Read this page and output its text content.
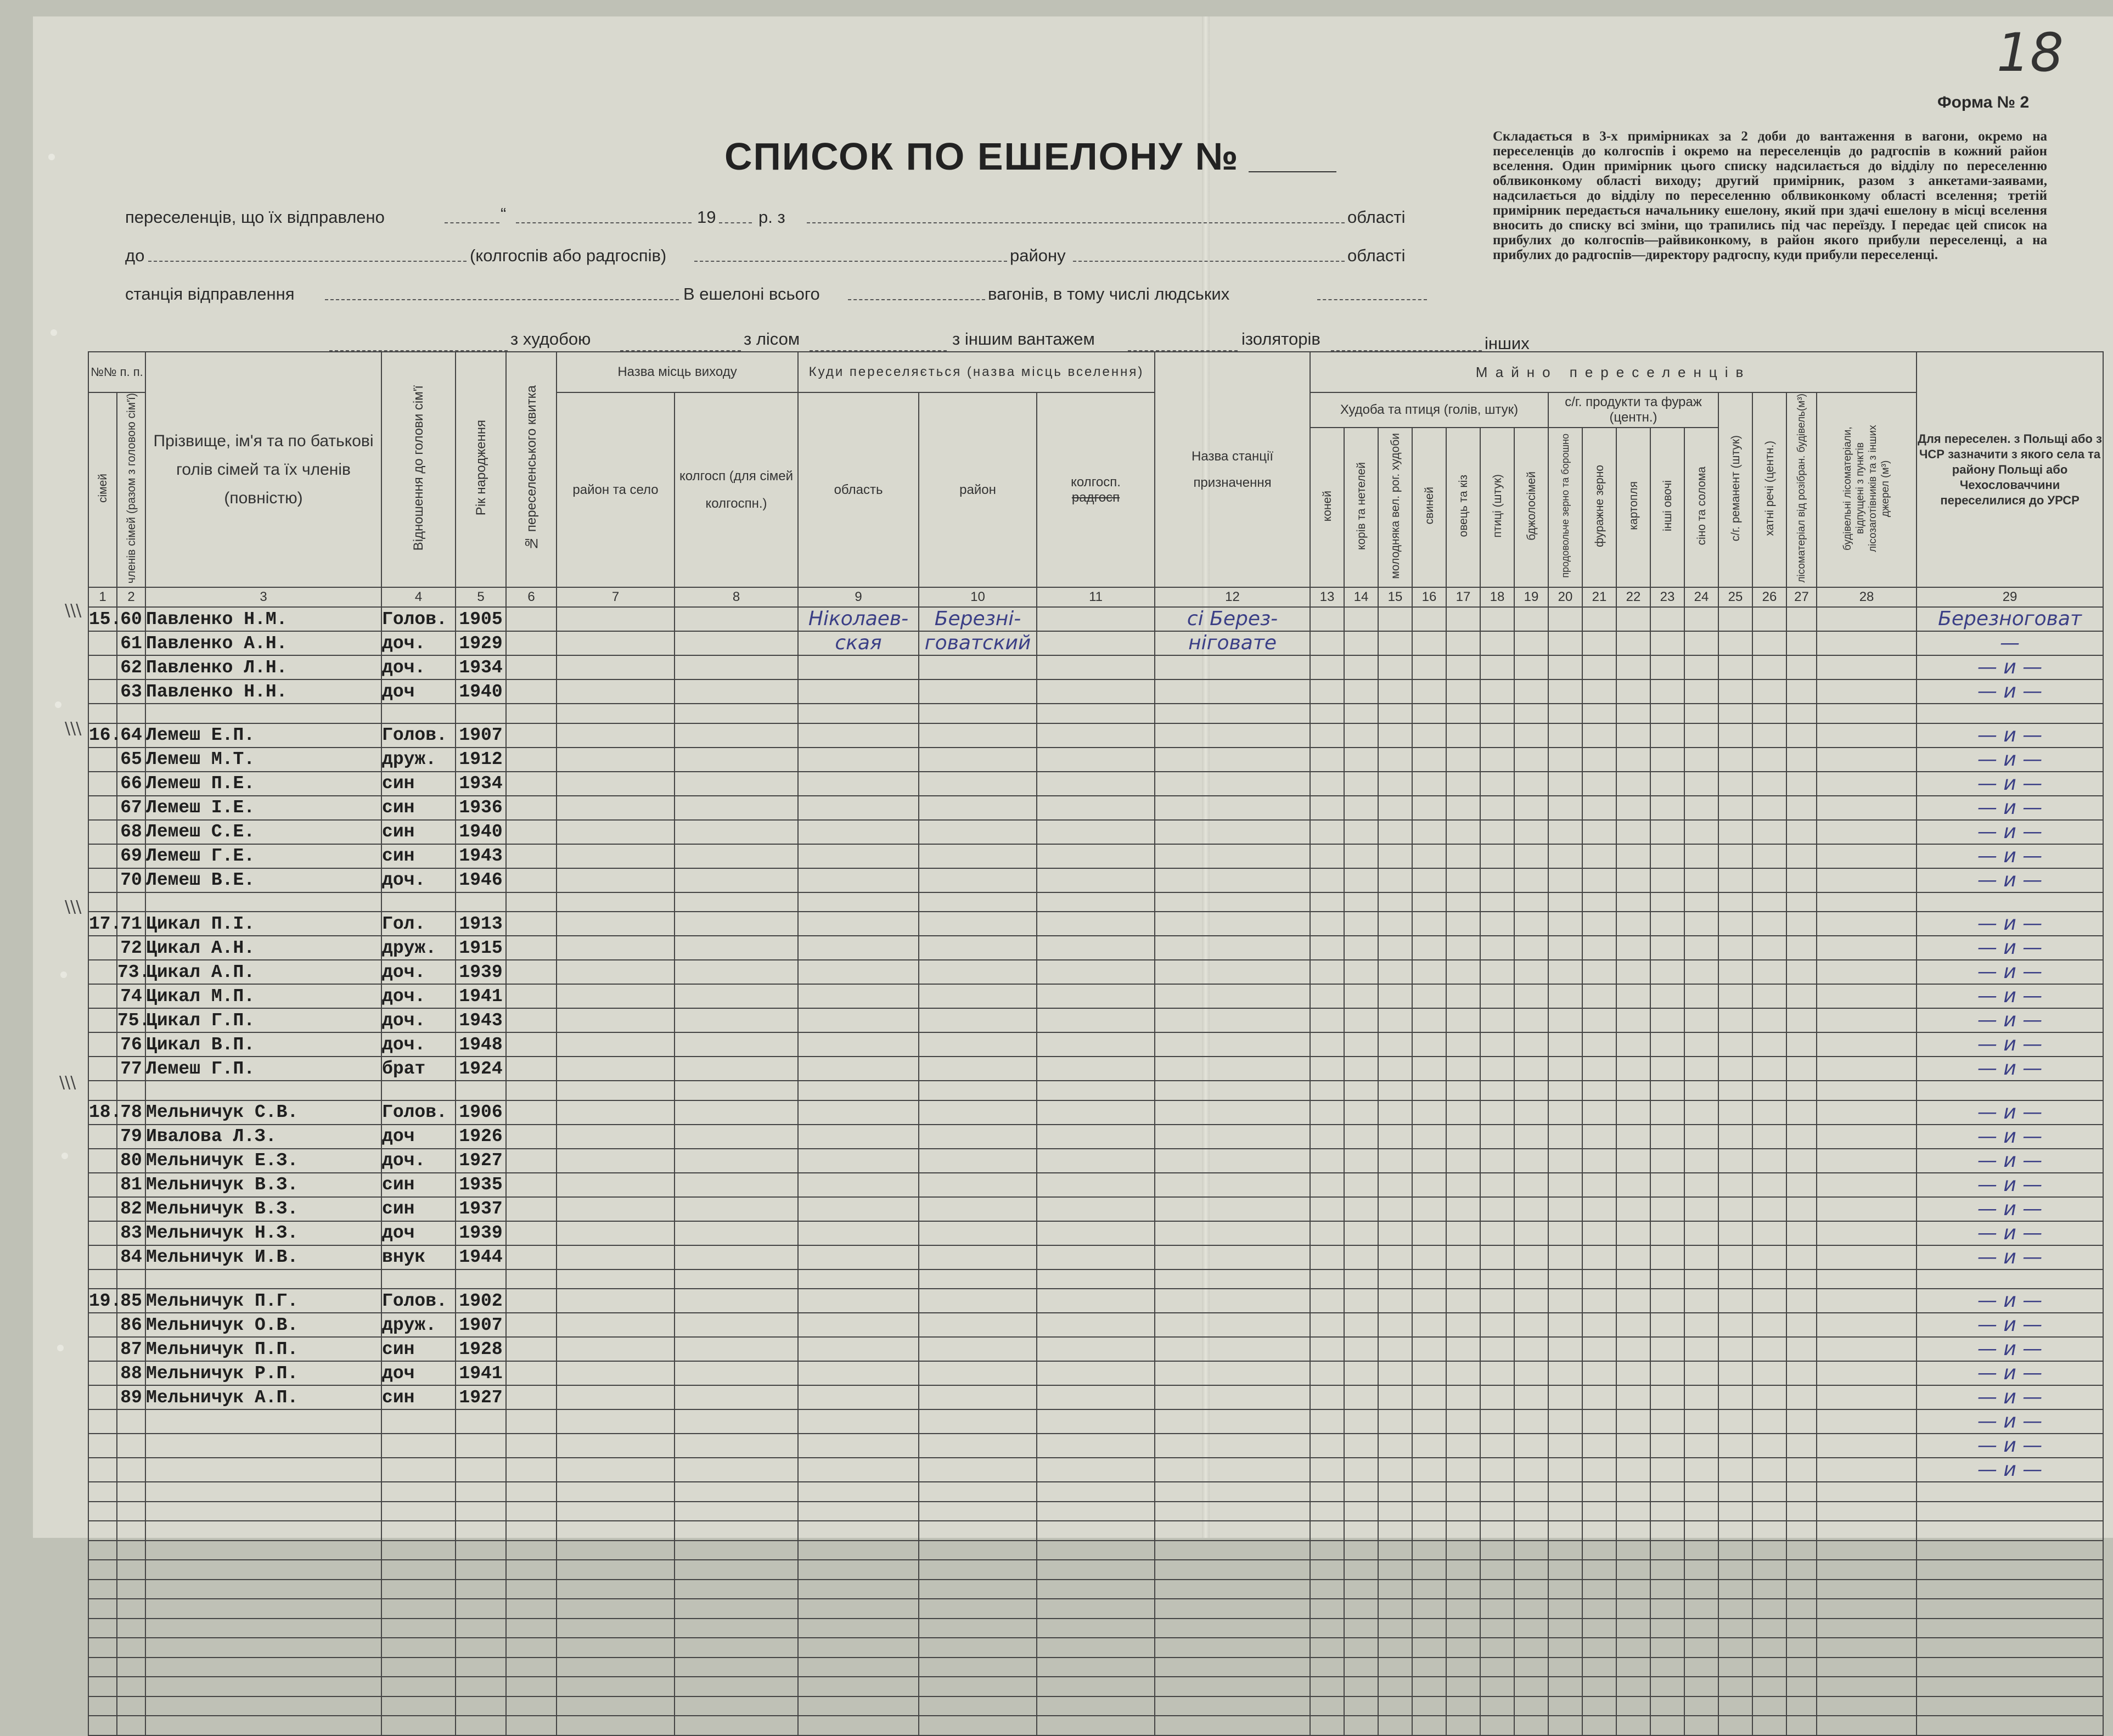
18
Форма № 2
СПИСОК ПО ЕШЕЛОНУ №	Складається в 3-х примірниках за 2 доби до вантаження в вагони, окремо на переселенців до колгоспів і окремо на переселенців до радгоспів в кожний район вселення. Один примірник цього списку надсилається до відділу по переселенню облвиконкому області виходу; другий примірник, разом з анкетами-заявами, надсилається до відділу по переселенню облвиконкому області вселення; третій примірник передається начальнику ешелону, який при здачі ешелону в місці вселення вносить до списку всі зміни, що трапились під час переїзду. І передає цей список на прибулих до колгоспів—райвиконкому, в район якого прибули переселенці, а на прибулих до радгоспів—директору радгоспу, куди прибули переселенці.
переселенців, що їх відправлено	“	19	р. з	області
до	(колгоспів або радгоспів)	району	області
станція відправлення	В ешелоні всього	вагонів, в тому числі людських
з худобою	з лісом	з іншим вантажем	ізоляторів	інших
№№ п. п.		Прізвище, ім'я та по батькові голів сімей та їх членів (повністю)	Відношення до голови сім'ї	Рік народження	№ переселенського квитка	Назва місць виходу		Куди переселяється (назва місць вселення)			Назва станції призначення	Майно переселенців																Для переселен. з Польщі або з ЧСР зазначити з якого села та району Польщі або Чехословаччини переселилися до УРСР
сімей	членів сімей (разом з головою сім'ї)					район та село	колгосп (для сімей колгоспн.)	область	район	колгосп.
радгосп		Худоба та птиця (голів, штук)							с/г. продукти та фураж (центн.)					с/г. реманент (штук)	хатні речі (центн.)	лісоматеріал від розібран. будівель(м³)	будівельні лісоматеріали, відпущені з пунктів лісозаготівників та з інших джерел (м³)	
												коней	корів та нетелей	молодняка вел. рог. худоби	свиней	овець та кіз	птиці (штук)	бджолосімей	продовольче зерно та борошно	фуражне зерно	картопля	інші овочі	сіно та солома					
1	2	3	4	5	6	7	8	9	10	11	12	13	14	15	16	17	18	19	20	21	22	23	24	25	26	27	28	29
15.	60	Павленко Н.М.	Голов.	1905				Ніколаев-	Березні-		сі Берез-																	Березноговат
	61	Павленко А.Н.	доч.	1929				ская	говатский		ніговате																	—
	62	Павленко Л.Н.	доч.	1934																								— и —
	63	Павленко Н.Н.	доч	1940																								— и —

16.	64	Лемеш Е.П.	Голов.	1907																								— и —
	65	Лемеш М.Т.	друж.	1912																								— и —
	66	Лемеш П.Е.	син	1934																								— и —
	67	Лемеш І.Е.	син	1936																								— и —
	68	Лемеш С.Е.	син	1940																								— и —
	69	Лемеш Г.Е.	син	1943																								— и —
	70	Лемеш В.Е.	доч.	1946																								— и —

17.	71	Цикал П.І.	Гол.	1913																								— и —
	72	Цикал А.Н.	друж.	1915																								— и —
	73.	Цикал А.П.	доч.	1939																								— и —
	74	Цикал М.П.	доч.	1941																								— и —
	75.	Цикал Г.П.	доч.	1943																								— и —
	76	Цикал В.П.	доч.	1948																								— и —
	77	Лемеш Г.П.	брат	1924																								— и —

18.	78	Мельничук С.В.	Голов.	1906																								— и —
	79	Ивалова Л.З.	доч	1926																								— и —
	80	Мельничук Е.З.	доч.	1927																								— и —
	81	Мельничук В.З.	син	1935																								— и —
	82	Мельничук В.З.	син	1937																								— и —
	83	Мельничук Н.З.	доч	1939																								— и —
	84	Мельничук И.В.	внук	1944																								— и —

19.	85	Мельничук П.Г.	Голов.	1902																								— и —
	86	Мельничук О.В.	друж.	1907																								— и —
	87	Мельничук П.П.	син	1928																								— и —
	88	Мельничук Р.П.	доч	1941																								— и —
	89	Мельничук А.П.	син	1927																								— и —
																												— и —
																												— и —
																												— и —

\\\
\\\
\\\
\\\
